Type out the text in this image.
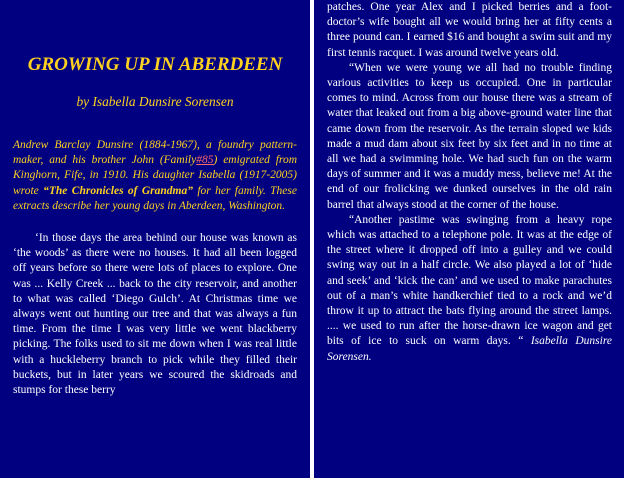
GROWING UP IN ABERDEEN
by Isabella Dunsire Sorensen

Andrew Barclay Dunsire (1884-1967), a foundry pattern-maker, and his brother John (Family#85) emigrated from Kinghorn, Fife, in 1910. His daughter Isabella (1917-2005) wrote “The Chronicles of Grandma” for her family. These extracts describe her young days in Aberdeen, Washington.

‘In those days the area behind our house was known as ‘the woods’ as there were no houses. It had all been logged off years before so there were lots of places to explore. One was ... Kelly Creek ... back to the city reservoir, and another to what was called ‘Diego Gulch’. At Christmas time we always went out hunting our tree and that was always a fun time. From the time I was very little we went blackberry picking. The folks used to sit me down when I was real little with a huckleberry branch to pick while they filled their buckets, but in later years we scoured the skidroads and stumps for these berry

patches. One year Alex and I picked berries and a foot-doctor’s wife bought all we would bring her at fifty cents a three pound can. I earned $16 and bought a swim suit and my first tennis racquet. I was around twelve years old.

“When we were young we all had no trouble finding various activities to keep us occupied. One in particular comes to mind. Across from our house there was a stream of water that leaked out from a big above-ground water line that came down from the reservoir. As the terrain sloped we kids made a mud dam about six feet by six feet and in no time at all we had a swimming hole. We had such fun on the warm days of summer and it was a muddy mess, believe me! At the end of our frolicking we dunked ourselves in the old rain barrel that always stood at the corner of the house.

“Another pastime was swinging from a heavy rope which was attached to a telephone pole. It was at the edge of the street where it dropped off into a gulley and we could swing way out in a half circle. We also played a lot of ‘hide and seek’ and ‘kick the can’ and we used to make parachutes out of a man’s white handkerchief tied to a rock and we’d throw it up to attract the bats flying around the street lamps. .... we used to run after the horse-drawn ice wagon and get bits of ice to suck on warm days. “ Isabella Dunsire Sorensen.
